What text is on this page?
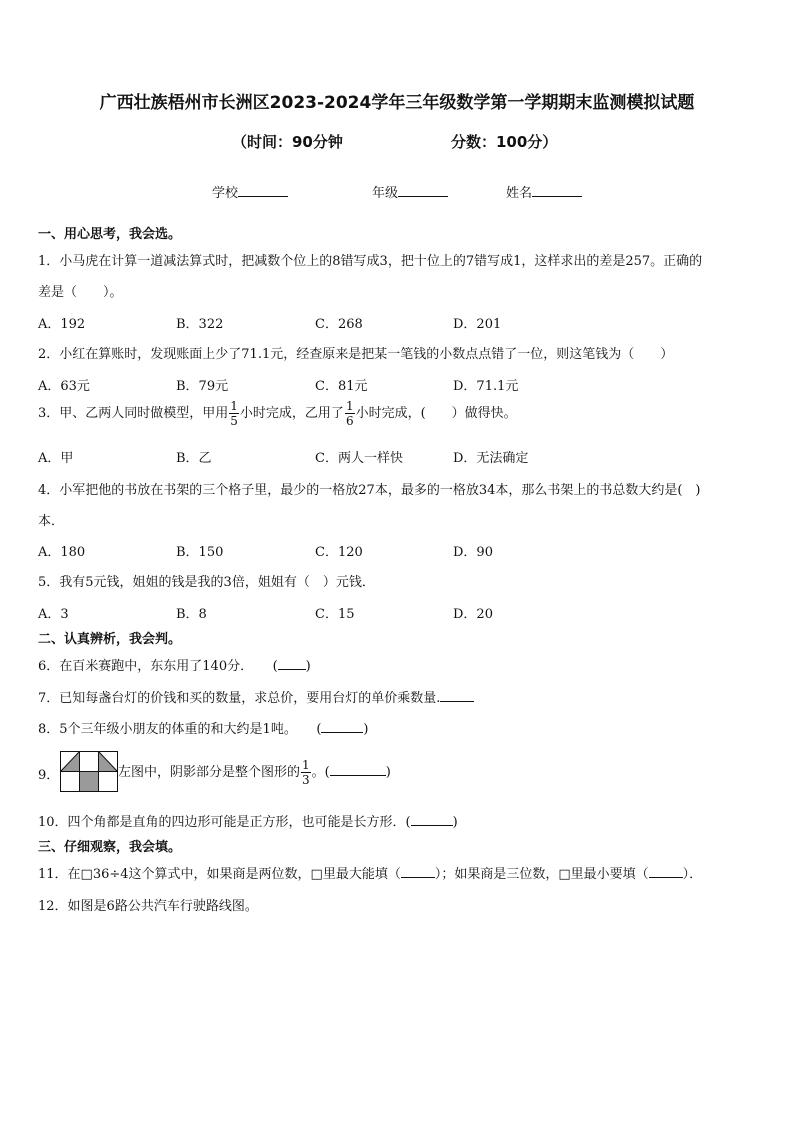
广西壮族梧州市长洲区2023-2024学年三年级数学第一学期期末监测模拟试题
（时间：90分钟	分数：100分）
学校	年级	姓名
一、用心思考，我会选。
1．小马虎在计算一道减法算式时，把减数个位上的8错写成3，把十位上的7错写成1，这样求出的差是257。正确的
差是（　　）。
A．192	B．322	C．268	D．201
2．小红在算账时，发现账面上少了71.1元，经查原来是把某一笔钱的小数点点错了一位，则这笔钱为（　　）
A．63元	B．79元	C．81元	D．71.1元
3．甲、乙两人同时做模型，甲用 $\frac{1}{5}$ 小时完成，乙用了 $\frac{1}{6}$ 小时完成，(　　）做得快。
A．甲	B．乙	C．两人一样快	D．无法确定
4．小军把他的书放在书架的三个格子里，最少的一格放27本，最多的一格放34本，那么书架上的书总数大约是(　)
本．
A．180	B．150	C．120	D．90
5．我有5元钱，姐姐的钱是我的3倍，姐姐有（　）元钱．
A．3	B．8	C．15	D．20
二、认真辨析，我会判。
6．在百米赛跑中，东东用了140分．　　( )
7．已知每盏台灯的价钱和买的数量，求总价，要用台灯的单价乘数量.
8．5个三年级小朋友的体重的和大约是1吨。　　(	)
9．	左图中，阴影部分是整个图形的 $\frac{1}{3}$ 。(	)
10．四个角都是直角的四边形可能是正方形，也可能是长方形．(	)
三、仔细观察，我会填。
11．在□36÷4这个算式中，如果商是两位数，□里最大能填（	）；如果商是三位数，□里最小要填（	）．
12．如图是6路公共汽车行驶路线图。
